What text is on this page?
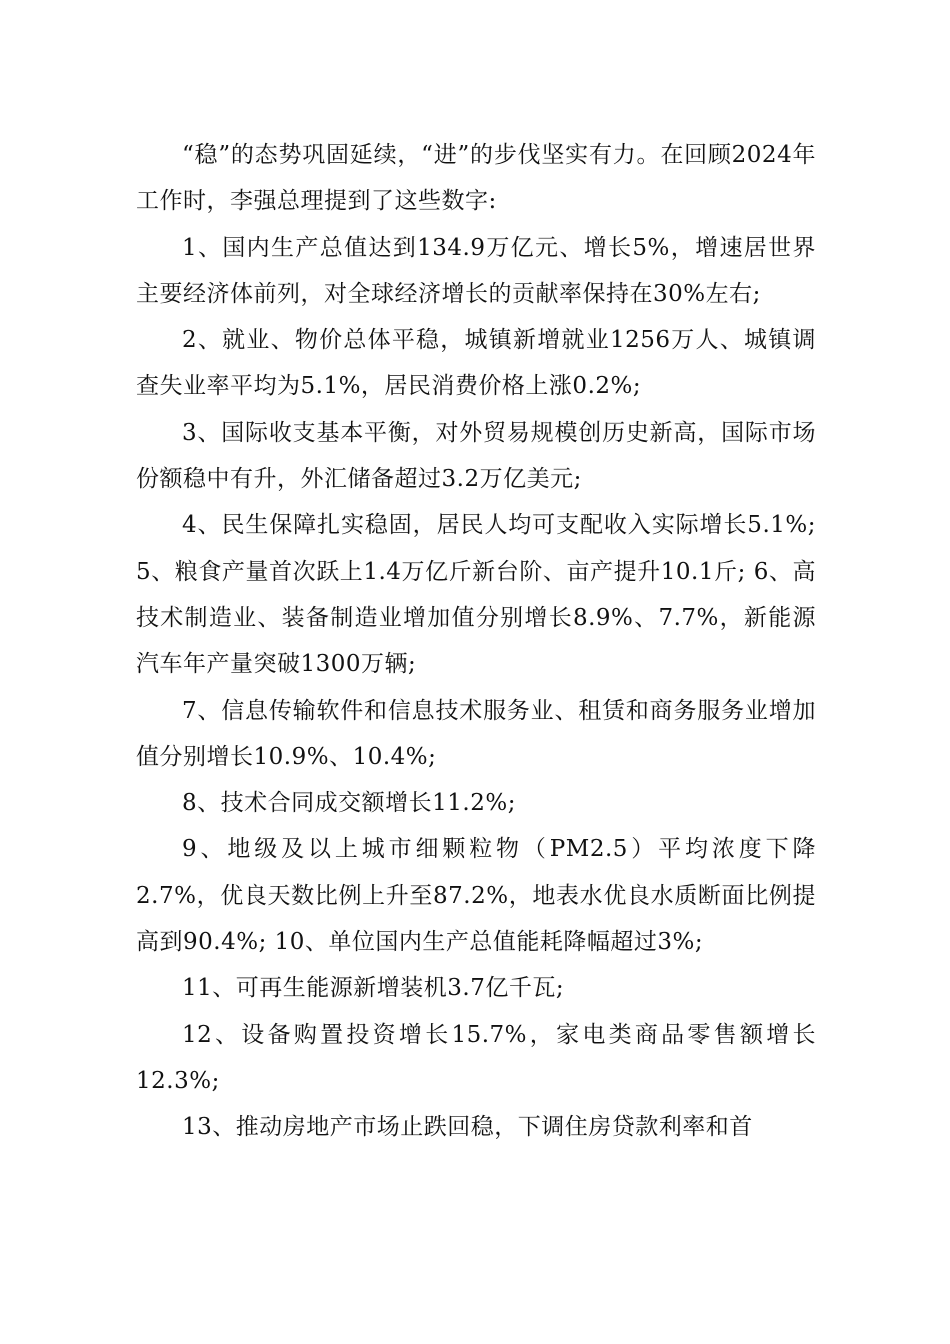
“稳”的态势巩固延续，“进”的步伐坚实有力。在回顾2024年工作时，李强总理提到了这些数字:

1、国内生产总值达到134.9万亿元、增长5%，增速居世界主要经济体前列，对全球经济增长的贡献率保持在30%左右;

2、就业、物价总体平稳，城镇新增就业1256万人、城镇调查失业率平均为5.1%，居民消费价格上涨0.2%;

3、国际收支基本平衡，对外贸易规模创历史新高，国际市场份额稳中有升，外汇储备超过3.2万亿美元;

4、民生保障扎实稳固，居民人均可支配收入实际增长5.1%; 5、粮食产量首次跃上1.4万亿斤新台阶、亩产提升10.1斤; 6、高技术制造业、装备制造业增加值分别增长8.9%、7.7%，新能源汽车年产量突破1300万辆;

7、信息传输软件和信息技术服务业、租赁和商务服务业增加值分别增长10.9%、10.4%;

8、技术合同成交额增长11.2%;

9、地级及以上城市细颗粒物（PM2.5）平均浓度下降2.7%，优良天数比例上升至87.2%，地表水优良水质断面比例提高到90.4%; 10、单位国内生产总值能耗降幅超过3%;

11、可再生能源新增装机3.7亿千瓦;

12、设备购置投资增长15.7%，家电类商品零售额增长12.3%;

13、推动房地产市场止跌回稳，下调住房贷款利率和首
